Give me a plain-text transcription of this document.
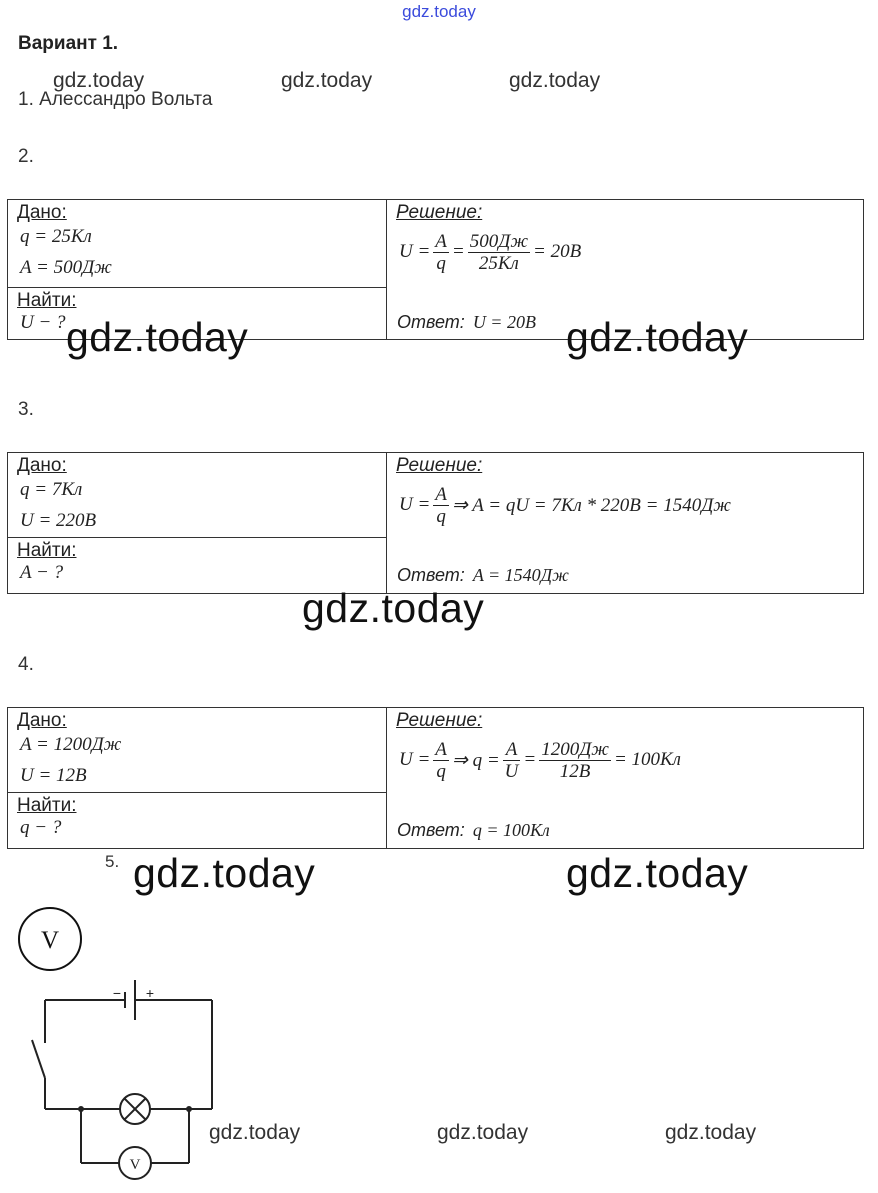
gdz.today
gdz.today	gdz.today	gdz.today
Вариант 1.
1. Алессандро Вольта
2.
Дано:
q = 25Кл
A = 500Дж

Решение:
$U = \frac{A}{q} = \frac{500Дж}{25Кл} = 20В$
Ответ: U = 20В

Найти:
U − ? gdz.today	gdz.today
3.
Дано:
q = 7Кл
U = 220В

Решение:
$U = \frac{A}{q}$ ⇒ A = qU = 7Кл * 220В = 1540Дж
Ответ: A = 1540Дж

Найти:
A − ?
gdz.today
4.
Дано:
A = 1200Дж
U = 12В

Решение:
$U = \frac{A}{q}$ ⇒ $q = \frac{A}{U} = \frac{1200Дж}{12В} = 100Кл$
Ответ: q = 100Кл

Найти:
q − ?
5. gdz.today	gdz.today
V
V
− +
gdz.today	gdz.today	gdz.today
